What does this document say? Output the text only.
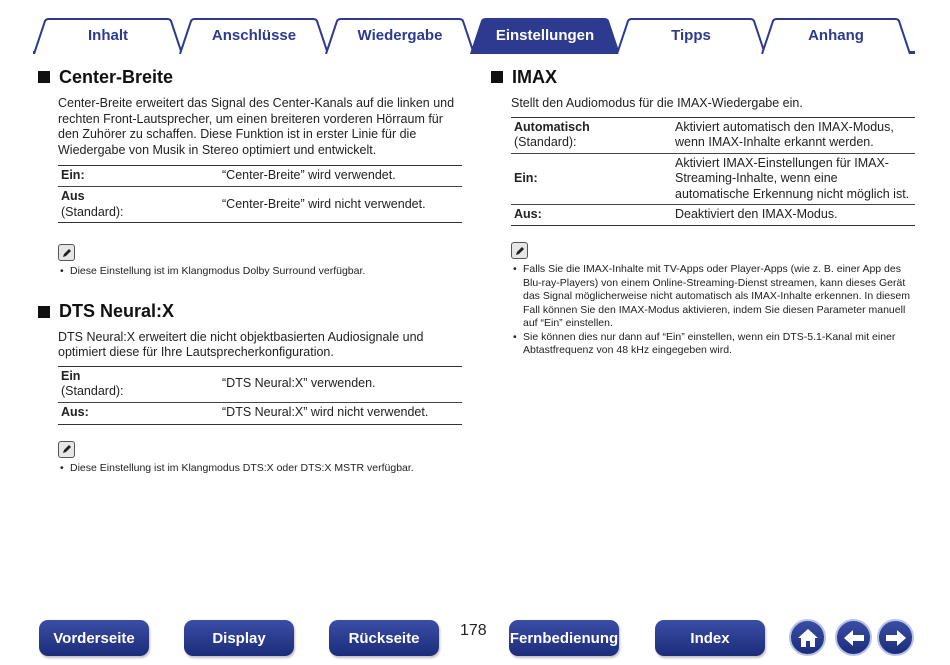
Inhalt	Anschlüsse	Wiedergabe	Einstellungen	Tipps	Anhang
Center-Breite

Center-Breite erweitert das Signal des Center-Kanals auf die linken und rechten Front-Lautsprecher, um einen breiteren vorderen Hörraum für den Zuhörer zu schaffen. Diese Funktion ist in erster Linie für die Wiedergabe von Musik in Stereo optimiert und entwickelt.

Ein:	“Center-Breite” wird verwendet.

Aus
(Standard):	“Center-Breite” wird nicht verwendet.
• Diese Einstellung ist im Klangmodus Dolby Surround verfügbar.
DTS Neural:X

DTS Neural:X erweitert die nicht objektbasierten Audiosignale und optimiert diese für Ihre Lautsprecherkonfiguration.

Ein
(Standard):	“DTS Neural:X” verwenden.

Aus:	“DTS Neural:X” wird nicht verwendet.
• Diese Einstellung ist im Klangmodus DTS:X oder DTS:X MSTR verfügbar.
IMAX

Stellt den Audiomodus für die IMAX-Wiedergabe ein.

Automatisch
(Standard):	Aktiviert automatisch den IMAX-Modus, wenn IMAX-Inhalte erkannt werden.

Ein:	Aktiviert IMAX-Einstellungen für IMAX-Streaming-Inhalte, wenn eine automatische Erkennung nicht möglich ist.

Aus:	Deaktiviert den IMAX-Modus.
• Falls Sie die IMAX-Inhalte mit TV-Apps oder Player-Apps (wie z. B. einer App des Blu-ray-Players) von einem Online-Streaming-Dienst streamen, kann dieses Gerät das Signal möglicherweise nicht automatisch als IMAX-Inhalte erkennen. In diesem Fall können Sie den IMAX-Modus aktivieren, indem Sie diesen Parameter manuell auf “Ein” einstellen.
• Sie können dies nur dann auf “Ein” einstellen, wenn ein DTS-5.1-Kanal mit einer Abtastfrequenz von 48 kHz eingegeben wird.
Vorderseite	Display	Rückseite	178 Fernbedienung	Index
